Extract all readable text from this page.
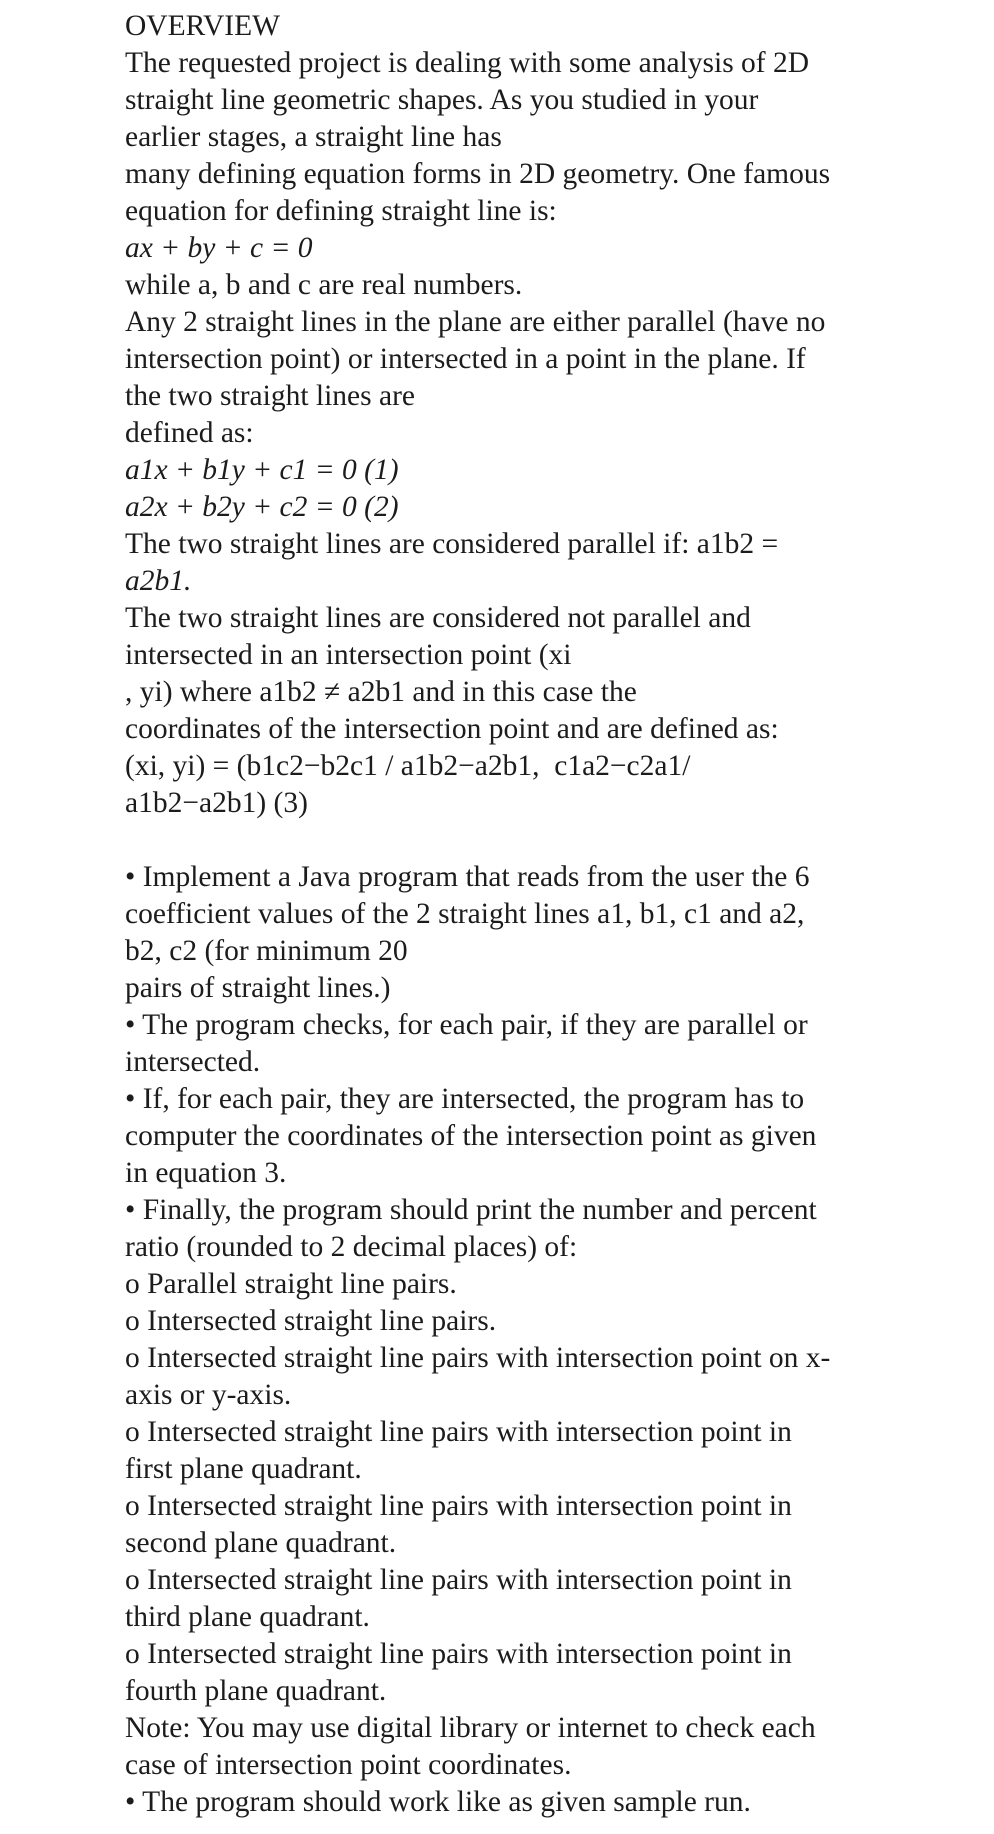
OVERVIEW
The requested project is dealing with some analysis of 2D
straight line geometric shapes. As you studied in your
earlier stages, a straight line has
many defining equation forms in 2D geometry. One famous
equation for defining straight line is:
ax + by + c = 0
while a, b and c are real numbers.
Any 2 straight lines in the plane are either parallel (have no
intersection point) or intersected in a point in the plane. If
the two straight lines are
defined as:
a1x + b1y + c1 = 0 (1)
a2x + b2y + c2 = 0 (2)
The two straight lines are considered parallel if: a1b2 =
a2b1.
The two straight lines are considered not parallel and
intersected in an intersection point (xi
, yi) where a1b2 ≠ a2b1 and in this case the
coordinates of the intersection point and are defined as:
(xi, yi) = (b1c2−b2c1 / a1b2−a2b1,  c1a2−c2a1/
a1b2−a2b1) (3)
• Implement a Java program that reads from the user the 6
coefficient values of the 2 straight lines a1, b1, c1 and a2,
b2, c2 (for minimum 20
pairs of straight lines.)
• The program checks, for each pair, if they are parallel or
intersected.
• If, for each pair, they are intersected, the program has to
computer the coordinates of the intersection point as given
in equation 3.
• Finally, the program should print the number and percent
ratio (rounded to 2 decimal places) of:
o Parallel straight line pairs.
o Intersected straight line pairs.
o Intersected straight line pairs with intersection point on x-
axis or y-axis.
o Intersected straight line pairs with intersection point in
first plane quadrant.
o Intersected straight line pairs with intersection point in
second plane quadrant.
o Intersected straight line pairs with intersection point in
third plane quadrant.
o Intersected straight line pairs with intersection point in
fourth plane quadrant.
Note: You may use digital library or internet to check each
case of intersection point coordinates.
• The program should work like as given sample run.
